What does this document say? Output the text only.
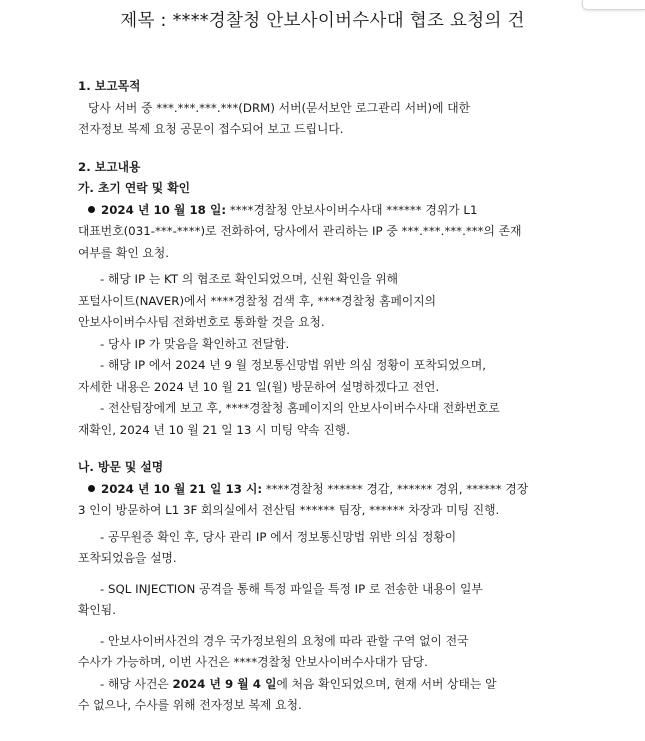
제목 : ****경찰청 안보사이버수사대 협조 요청의 건

1. 보고목적

당사 서버 중 ***.***.***.***(DRM) 서버(문서보안 로그관리 서버)에 대한

전자정보 복제 요청 공문이 접수되어 보고 드립니다.

2. 보고내용

가. 초기 연락 및 확인

2024 년 10 월 18 일: ****경찰청 안보사이버수사대 ****** 경위가 L1

대표번호(031-***-****)로 전화하여, 당사에서 관리하는 IP 중 ***.***.***.***의 존재

여부를 확인 요청.

- 해당 IP 는 KT 의 협조로 확인되었으며, 신원 확인을 위해

포털사이트(NAVER)에서 ****경찰청 검색 후, ****경찰청 홈페이지의

안보사이버수사팀 전화번호로 통화할 것을 요청.

- 당사 IP 가 맞음을 확인하고 전달함.

- 해당 IP 에서 2024 년 9 월 정보통신망법 위반 의심 정황이 포착되었으며,

자세한 내용은 2024 년 10 월 21 일(월) 방문하여 설명하겠다고 전언.

- 전산팀장에게 보고 후, ****경찰청 홈페이지의 안보사이버수사대 전화번호로

재확인, 2024 년 10 월 21 일 13 시 미팅 약속 진행.

나. 방문 및 설명

2024 년 10 월 21 일 13 시: ****경찰청 ****** 경감, ****** 경위, ****** 경장

3 인이 방문하여 L1 3F 회의실에서 전산팀 ****** 팀장, ****** 차장과 미팅 진행.

- 공무원증 확인 후, 당사 관리 IP 에서 정보통신망법 위반 의심 정황이

포착되었음을 설명.

- SQL INJECTION 공격을 통해 특정 파일을 특정 IP 로 전송한 내용이 일부

확인됨.

- 안보사이버사건의 경우 국가정보원의 요청에 따라 관할 구역 없이 전국

수사가 가능하며, 이번 사건은 ****경찰청 안보사이버수사대가 담당.

- 해당 사건은 2024 년 9 월 4 일에 처음 확인되었으며, 현재 서버 상태는 알

수 없으나, 수사를 위해 전자정보 복제 요청.
